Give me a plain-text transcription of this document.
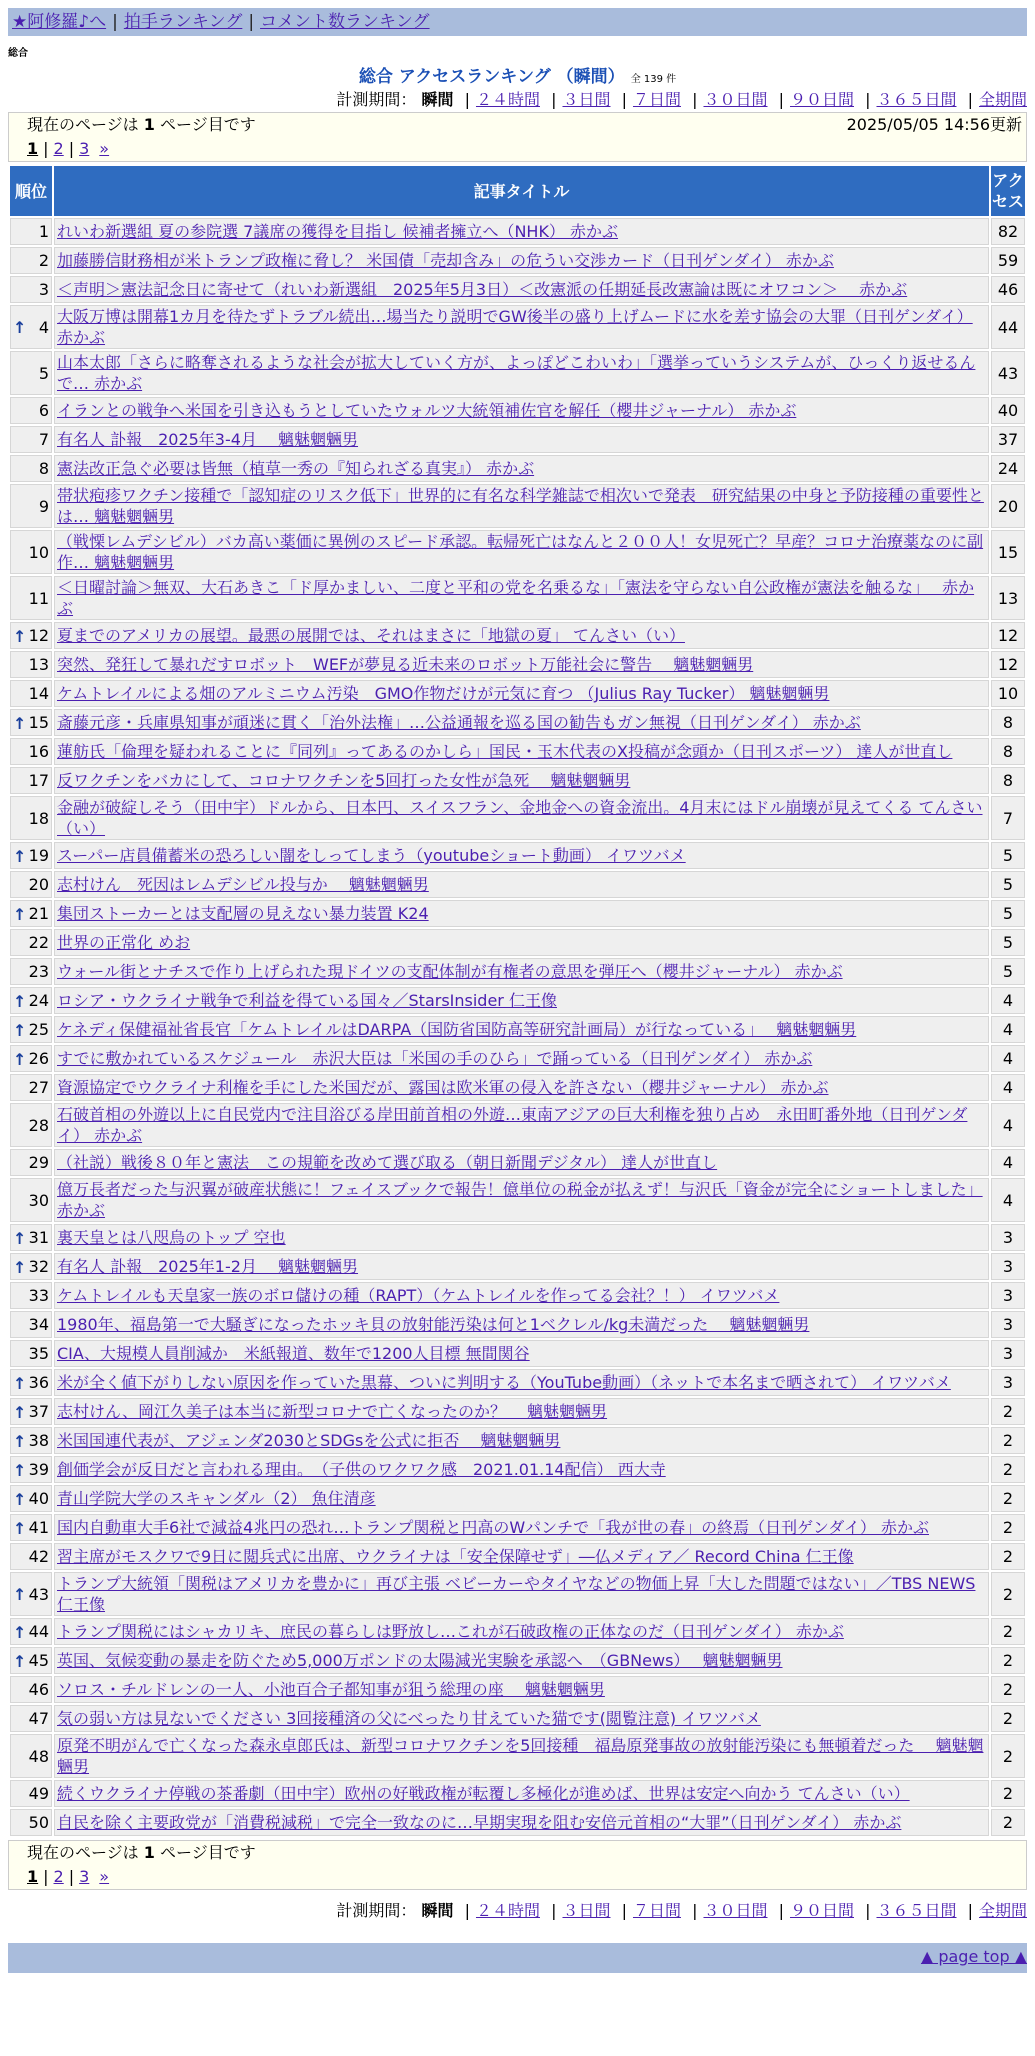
★阿修羅♪へ | 拍手ランキング | コメント数ランキング
総合
総合 アクセスランキング （瞬間） 全 139 件
計測期間： 瞬間 | ２４時間 | ３日間 | ７日間 | ３０日間 | ９０日間 | ３６５日間 | 全期間
現在のページは 1 ページ目です	2025/05/05 14:56更新
1 | 2 | 3 »
順位	記事タイトル	アクセス
1	れいわ新選組 夏の参院選 7議席の獲得を目指し 候補者擁立へ（NHK） 赤かぶ	82
2	加藤勝信財務相が米トランプ政権に脅し？ 米国債「売却含み」の危うい交渉カード（日刊ゲンダイ） 赤かぶ	59
3	＜声明＞憲法記念日に寄せて（れいわ新選組　2025年5月3日）＜改憲派の任期延長改憲論は既にオワコン＞　 赤かぶ	46

↑ 4	大阪万博は開幕1カ月を待たずトラブル続出…場当たり説明でGW後半の盛り上げムードに水を差す協会の大罪（日刊ゲンダイ） 赤かぶ	44
5	山本太郎「さらに略奪されるような社会が拡大していく方が、よっぽどこわいわ」「選挙っていうシステムが、ひっくり返せるんで… 赤かぶ	43
6	イランとの戦争へ米国を引き込もうとしていたウォルツ大統領補佐官を解任（櫻井ジャーナル） 赤かぶ	40
7	有名人 訃報　2025年3-4月　 魑魅魍魎男	37
8	憲法改正急ぐ必要は皆無（植草一秀の『知られざる真実』） 赤かぶ	24
9	帯状疱疹ワクチン接種で「認知症のリスク低下」世界的に有名な科学雑誌で相次いで発表　研究結果の中身と予防接種の重要性とは… 魑魅魍魎男	20
10	（戦慄レムデシビル）バカ高い薬価に異例のスピード承認。転帰死亡はなんと２００人！女児死亡？早産？コロナ治療薬なのに副作… 魑魅魍魎男	15
11	＜日曜討論＞無双、大石あきこ「ド厚かましい、二度と平和の党を名乗るな」「憲法を守らない自公政権が憲法を触るな」　 赤かぶ	13

↑ 12	夏までのアメリカの展望。最悪の展開では、それはまさに「地獄の夏」 てんさい（い）	12
13	突然、発狂して暴れだすロボット　WEFが夢見る近未来のロボット万能社会に警告　 魑魅魍魎男	12
14	ケムトレイルによる畑のアルミニウム汚染　GMO作物だけが元気に育つ （Julius Ray Tucker） 魑魅魍魎男	10

↑ 15	斎藤元彦・兵庫県知事が頑迷に貫く「治外法権」…公益通報を巡る国の勧告もガン無視（日刊ゲンダイ） 赤かぶ	8
16	蓮舫氏「倫理を疑われることに『同列』ってあるのかしら」国民・玉木代表のX投稿が念頭か（日刊スポーツ） 達人が世直し	8
17	反ワクチンをバカにして、コロナワクチンを5回打った女性が急死　 魑魅魍魎男	8
18	金融が破綻しそう（田中宇）ドルから、日本円、スイスフラン、金地金への資金流出。4月末にはドル崩壊が見えてくる てんさい（い）	7

↑ 19	スーパー店員備蓄米の恐ろしい闇をしってしまう（youtubeショート動画） イワツバメ	5
20	志村けん　死因はレムデシビル投与か　 魑魅魍魎男	5

↑ 21	集団ストーカーとは支配層の見えない暴力装置 K24	5
22	世界の正常化 めお	5
23	ウォール街とナチスで作り上げられた現ドイツの支配体制が有権者の意思を弾圧へ（櫻井ジャーナル） 赤かぶ	5

↑ 24	ロシア・ウクライナ戦争で利益を得ている国々／StarsInsider 仁王像	4

↑ 25	ケネディ保健福祉省長官「ケムトレイルはDARPA（国防省国防高等研究計画局）が行なっている」　 魑魅魍魎男	4

↑ 26	すでに敷かれているスケジュール　赤沢大臣は「米国の手のひら」で踊っている（日刊ゲンダイ） 赤かぶ	4
27	資源協定でウクライナ利権を手にした米国だが、露国は欧米軍の侵入を許さない（櫻井ジャーナル） 赤かぶ	4
28	石破首相の外遊以上に自民党内で注目浴びる岸田前首相の外遊…東南アジアの巨大利権を独り占め　永田町番外地（日刊ゲンダイ） 赤かぶ	4
29	（社説）戦後８０年と憲法　この規範を改めて選び取る（朝日新聞デジタル） 達人が世直し	4
30	億万長者だった与沢翼が破産状態に！フェイスブックで報告！億単位の税金が払えず！与沢氏「資金が完全にショートしました」 赤かぶ	4

↑ 31	裏天皇とは八咫烏のトップ 空也	3

↑ 32	有名人 訃報　2025年1-2月　 魑魅魍魎男	3
33	ケムトレイルも天皇家一族のボロ儲けの種（RAPT）（ケムトレイルを作ってる会社？！） イワツバメ	3
34	1980年、福島第一で大騒ぎになったホッキ貝の放射能汚染は何と1ベクレル/kg未満だった　 魑魅魍魎男	3
35	CIA、大規模人員削減か　米紙報道、数年で1200人目標 無間関谷	3

↑ 36	米が全く値下がりしない原因を作っていた黒幕、ついに判明する（YouTube動画）（ネットで本名まで晒されて） イワツバメ	3

↑ 37	志村けん、岡江久美子は本当に新型コロナで亡くなったのか？　 魑魅魍魎男	2

↑ 38	米国国連代表が、アジェンダ2030とSDGsを公式に拒否　 魑魅魍魎男	2

↑ 39	創価学会が反日だと言われる理由。　（子供のワクワク感　2021.01.14配信） 西大寺	2

↑ 40	青山学院大学のスキャンダル（2） 魚住清彦	2

↑ 41	国内自動車大手6社で減益4兆円の恐れ…トランプ関税と円高のWパンチで「我が世の春」の終焉（日刊ゲンダイ） 赤かぶ	2
42	習主席がモスクワで9日に閲兵式に出席、ウクライナは「安全保障せず」―仏メディア／ Record China 仁王像	2

↑ 43	トランプ大統領「関税はアメリカを豊かに」再び主張 ベビーカーやタイヤなどの物価上昇「大した問題ではない」／TBS NEWS 仁王像	2

↑ 44	トランプ関税にはシャカリキ、庶民の暮らしは野放し…これが石破政権の正体なのだ（日刊ゲンダイ） 赤かぶ	2

↑ 45	英国、気候変動の暴走を防ぐため5,000万ポンドの太陽減光実験を承認へ　（GBNews）　 魑魅魍魎男	2
46	ソロス・チルドレンの一人、小池百合子都知事が狙う総理の座　 魑魅魍魎男	2
47	気の弱い方は見ないでください 3回接種済の父にべったり甘えていた猫です(閲覧注意) イワツバメ	2
48	原発不明がんで亡くなった森永卓郎氏は、新型コロナワクチンを5回接種　福島原発事故の放射能汚染にも無頓着だった　 魑魅魍魎男	2
49	続くウクライナ停戦の茶番劇（田中宇）欧州の好戦政権が転覆し多極化が進めば、世界は安定へ向かう てんさい（い）	2
50	自民を除く主要政党が「消費税減税」で完全一致なのに…早期実現を阻む安倍元首相の“大罪”（日刊ゲンダイ） 赤かぶ	2
現在のページは 1 ページ目です
1 | 2 | 3 »
計測期間： 瞬間 | ２４時間 | ３日間 | ７日間 | ３０日間 | ９０日間 | ３６５日間 | 全期間
▲ page top ▲
